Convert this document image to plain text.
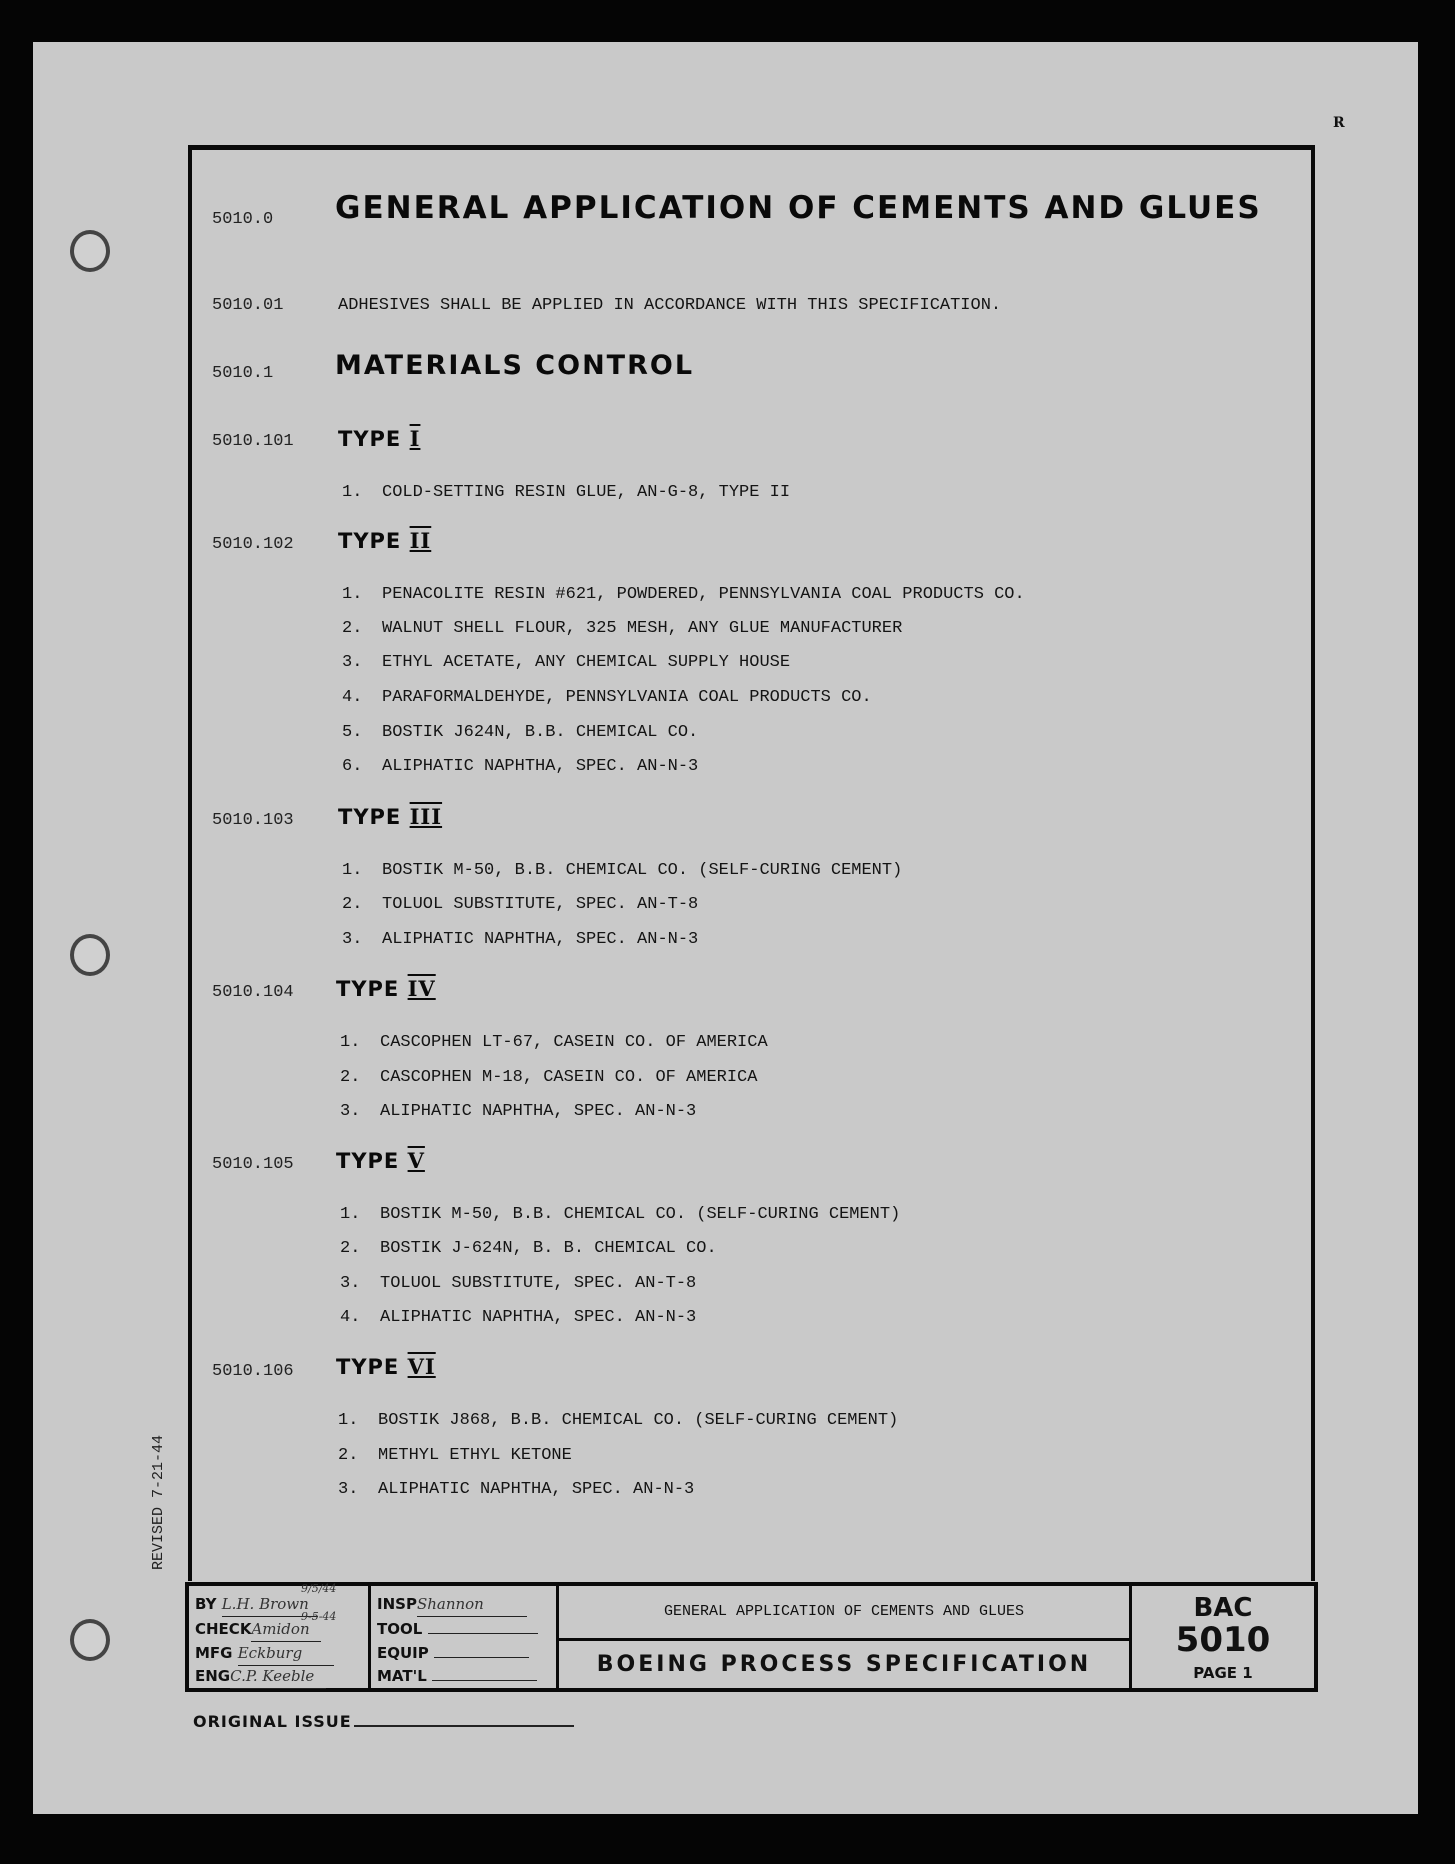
R
5010.0 GENERAL APPLICATION OF CEMENTS AND GLUES
5010.01	ADHESIVES SHALL BE APPLIED IN ACCORDANCE WITH THIS SPECIFICATION.
5010.1 MATERIALS CONTROL
5010.101 TYPE I
1. COLD-SETTING RESIN GLUE, AN-G-8, TYPE II
5010.102 TYPE II
1. PENACOLITE RESIN #621, POWDERED, PENNSYLVANIA COAL PRODUCTS CO.
2. WALNUT SHELL FLOUR, 325 MESH, ANY GLUE MANUFACTURER
3. ETHYL ACETATE, ANY CHEMICAL SUPPLY HOUSE
4. PARAFORMALDEHYDE, PENNSYLVANIA COAL PRODUCTS CO.
5. BOSTIK J624N, B.B. CHEMICAL CO.
6. ALIPHATIC NAPHTHA, SPEC. AN-N-3
5010.103 TYPE III
1. BOSTIK M-50, B.B. CHEMICAL CO. (SELF-CURING CEMENT)
2. TOLUOL SUBSTITUTE, SPEC. AN-T-8
3. ALIPHATIC NAPHTHA, SPEC. AN-N-3
5010.104 TYPE IV
1. CASCOPHEN LT-67, CASEIN CO. OF AMERICA
2. CASCOPHEN M-18, CASEIN CO. OF AMERICA
3. ALIPHATIC NAPHTHA, SPEC. AN-N-3
5010.105 TYPE V
1. BOSTIK M-50, B.B. CHEMICAL CO. (SELF-CURING CEMENT)
2. BOSTIK J-624N, B. B. CHEMICAL CO.
3. TOLUOL SUBSTITUTE, SPEC. AN-T-8
4. ALIPHATIC NAPHTHA, SPEC. AN-N-3
5010.106 TYPE VI
1. BOSTIK J868, B.B. CHEMICAL CO. (SELF-CURING CEMENT)
2. METHYL ETHYL KETONE
3. ALIPHATIC NAPHTHA, SPEC. AN-N-3
REVISED 7-21-44
9/5/44
BY L.H. Brown
9-5-44
CHECKAmidon
MFG Eckburg
ENGC.P. Keeble
INSPShannon
TOOL
EQUIP
MAT'L
GENERAL APPLICATION OF CEMENTS AND GLUES
BOEING PROCESS SPECIFICATION
BAC
5010
PAGE 1
ORIGINAL ISSUE
